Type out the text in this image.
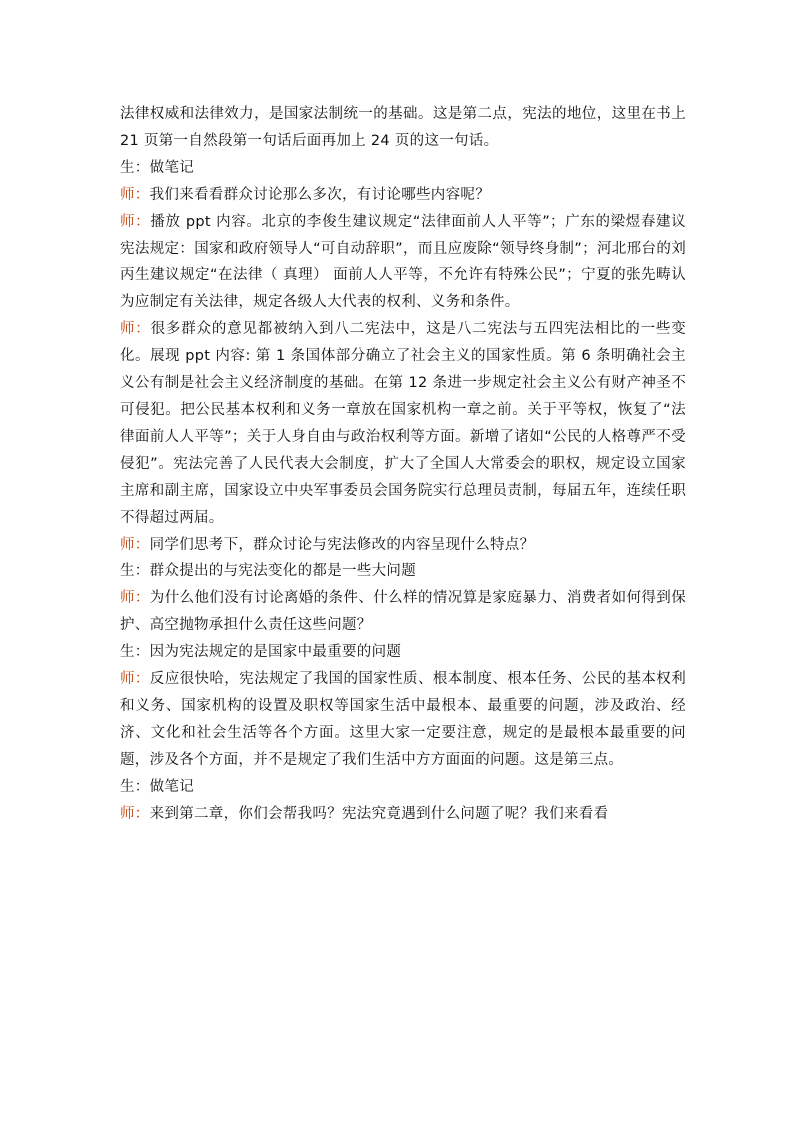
法律权威和法律效力，是国家法制统一的基础。这是第二点，宪法的地位，这里在书上 21 页第一自然段第一句话后面再加上 24 页的这一句话。

生：做笔记

师：我们来看看群众讨论那么多次，有讨论哪些内容呢？

师：播放 ppt 内容。北京的李俊生建议规定“法律面前人人平等”；广东的梁煜春建议宪法规定：国家和政府领导人“可自动辞职”，而且应废除“领导终身制”；河北邢台的刘丙生建议规定“在法律（ 真理） 面前人人平等，不允许有特殊公民”；宁夏的张先畴认为应制定有关法律，规定各级人大代表的权利、义务和条件。

师：很多群众的意见都被纳入到八二宪法中，这是八二宪法与五四宪法相比的一些变化。展现 ppt 内容: 第 1 条国体部分确立了社会主义的国家性质。第 6 条明确社会主义公有制是社会主义经济制度的基础。在第 12 条进一步规定社会主义公有财产神圣不可侵犯。把公民基本权利和义务一章放在国家机构一章之前。关于平等权，恢复了“法律面前人人平等”；关于人身自由与政治权利等方面。新增了诸如“公民的人格尊严不受侵犯”。宪法完善了人民代表大会制度，扩大了全国人大常委会的职权，规定设立国家主席和副主席，国家设立中央军事委员会国务院实行总理员责制，每届五年，连续任职不得超过两届。

师：同学们思考下，群众讨论与宪法修改的内容呈现什么特点？

生：群众提出的与宪法变化的都是一些大问题

师：为什么他们没有讨论离婚的条件、什么样的情况算是家庭暴力、消费者如何得到保护、高空抛物承担什么责任这些问题？

生：因为宪法规定的是国家中最重要的问题

师：反应很快哈，宪法规定了我国的国家性质、根本制度、根本任务、公民的基本权利和义务、国家机构的设置及职权等国家生活中最根本、最重要的问题，涉及政治、经济、文化和社会生活等各个方面。这里大家一定要注意，规定的是最根本最重要的问题，涉及各个方面，并不是规定了我们生活中方方面面的问题。这是第三点。

生：做笔记

师：来到第二章，你们会帮我吗？宪法究竟遇到什么问题了呢？我们来看看
